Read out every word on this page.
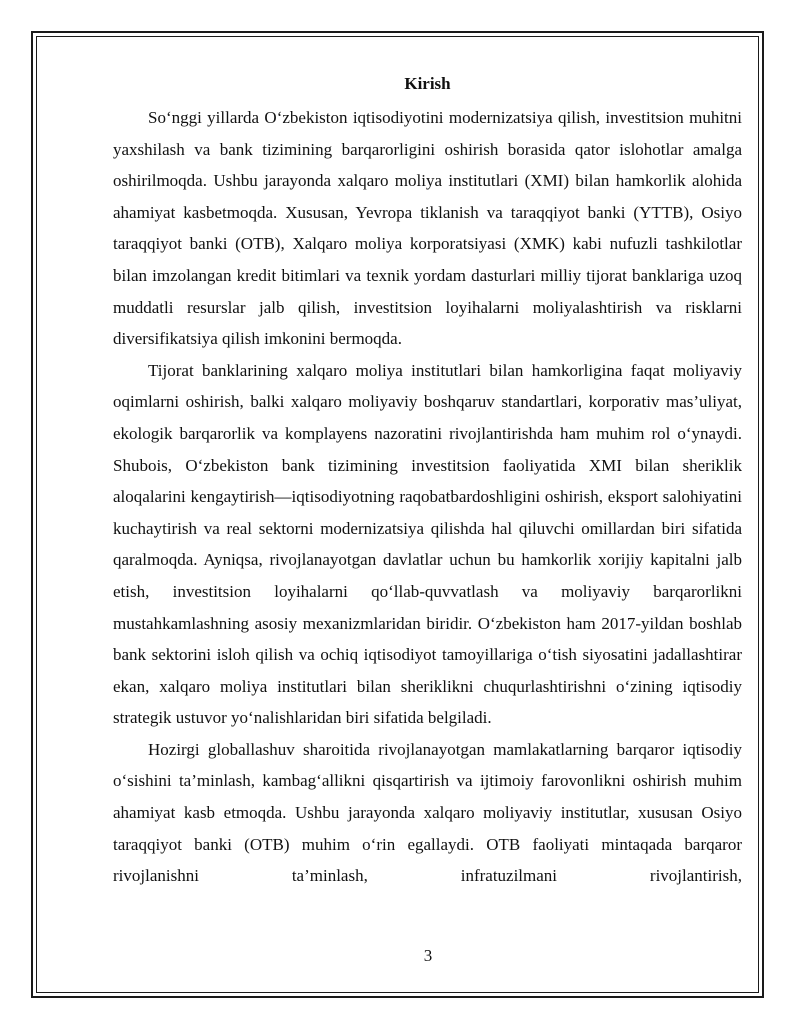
Kirish

So‘nggi yillarda O‘zbekiston iqtisodiyotini modernizatsiya qilish, investitsion muhitni yaxshilash va bank tizimining barqarorligini oshirish borasida qator islohotlar amalga oshirilmoqda. Ushbu jarayonda xalqaro moliya institutlari (XMI) bilan hamkorlik alohida ahamiyat kasbetmoqda. Xususan, Yevropa tiklanish va taraqqiyot banki (YTTB), Osiyo taraqqiyot banki (OTB), Xalqaro moliya korporatsiyasi (XMK) kabi nufuzli tashkilotlar bilan imzolangan kredit bitimlari va texnik yordam dasturlari milliy tijorat banklariga uzoq muddatli resurslar jalb qilish, investitsion loyihalarni moliyalashtirish va risklarni diversifikatsiya qilish imkonini bermoqda.

Tijorat banklarining xalqaro moliya institutlari bilan hamkorligina faqat moliyaviy oqimlarni oshirish, balki xalqaro moliyaviy boshqaruv standartlari, korporativ mas’uliyat, ekologik barqarorlik va komplayens nazoratini rivojlantirishda ham muhim rol o‘ynaydi. Shubois, O‘zbekiston bank tizimining investitsion faoliyatida XMI bilan sheriklik aloqalarini kengaytirish—iqtisodiyotning raqobatbardoshligini oshirish, eksport salohiyatini kuchaytirish va real sektorni modernizatsiya qilishda hal qiluvchi omillardan biri sifatida qaralmoqda. Ayniqsa, rivojlanayotgan davlatlar uchun bu hamkorlik xorijiy kapitalni jalb etish, investitsion loyihalarni qo‘llab-quvvatlash va moliyaviy barqarorlikni mustahkamlashning asosiy mexanizmlaridan biridir. O‘zbekiston ham 2017-yildan boshlab bank sektorini isloh qilish va ochiq iqtisodiyot tamoyillariga o‘tish siyosatini jadallashtirar ekan, xalqaro moliya institutlari bilan sheriklikni chuqurlashtirishni o‘zining iqtisodiy strategik ustuvor yo‘nalishlaridan biri sifatida belgiladi.

Hozirgi globallashuv sharoitida rivojlanayotgan mamlakatlarning barqaror iqtisodiy o‘sishini ta’minlash, kambag‘allikni qisqartirish va ijtimoiy farovonlikni oshirish muhim ahamiyat kasb etmoqda. Ushbu jarayonda xalqaro moliyaviy institutlar, xususan Osiyo taraqqiyot banki (OTB) muhim o‘rin egallaydi. OTB faoliyati mintaqada barqaror rivojlanishni ta’minlash, infratuzilmani rivojlantirish,

3
